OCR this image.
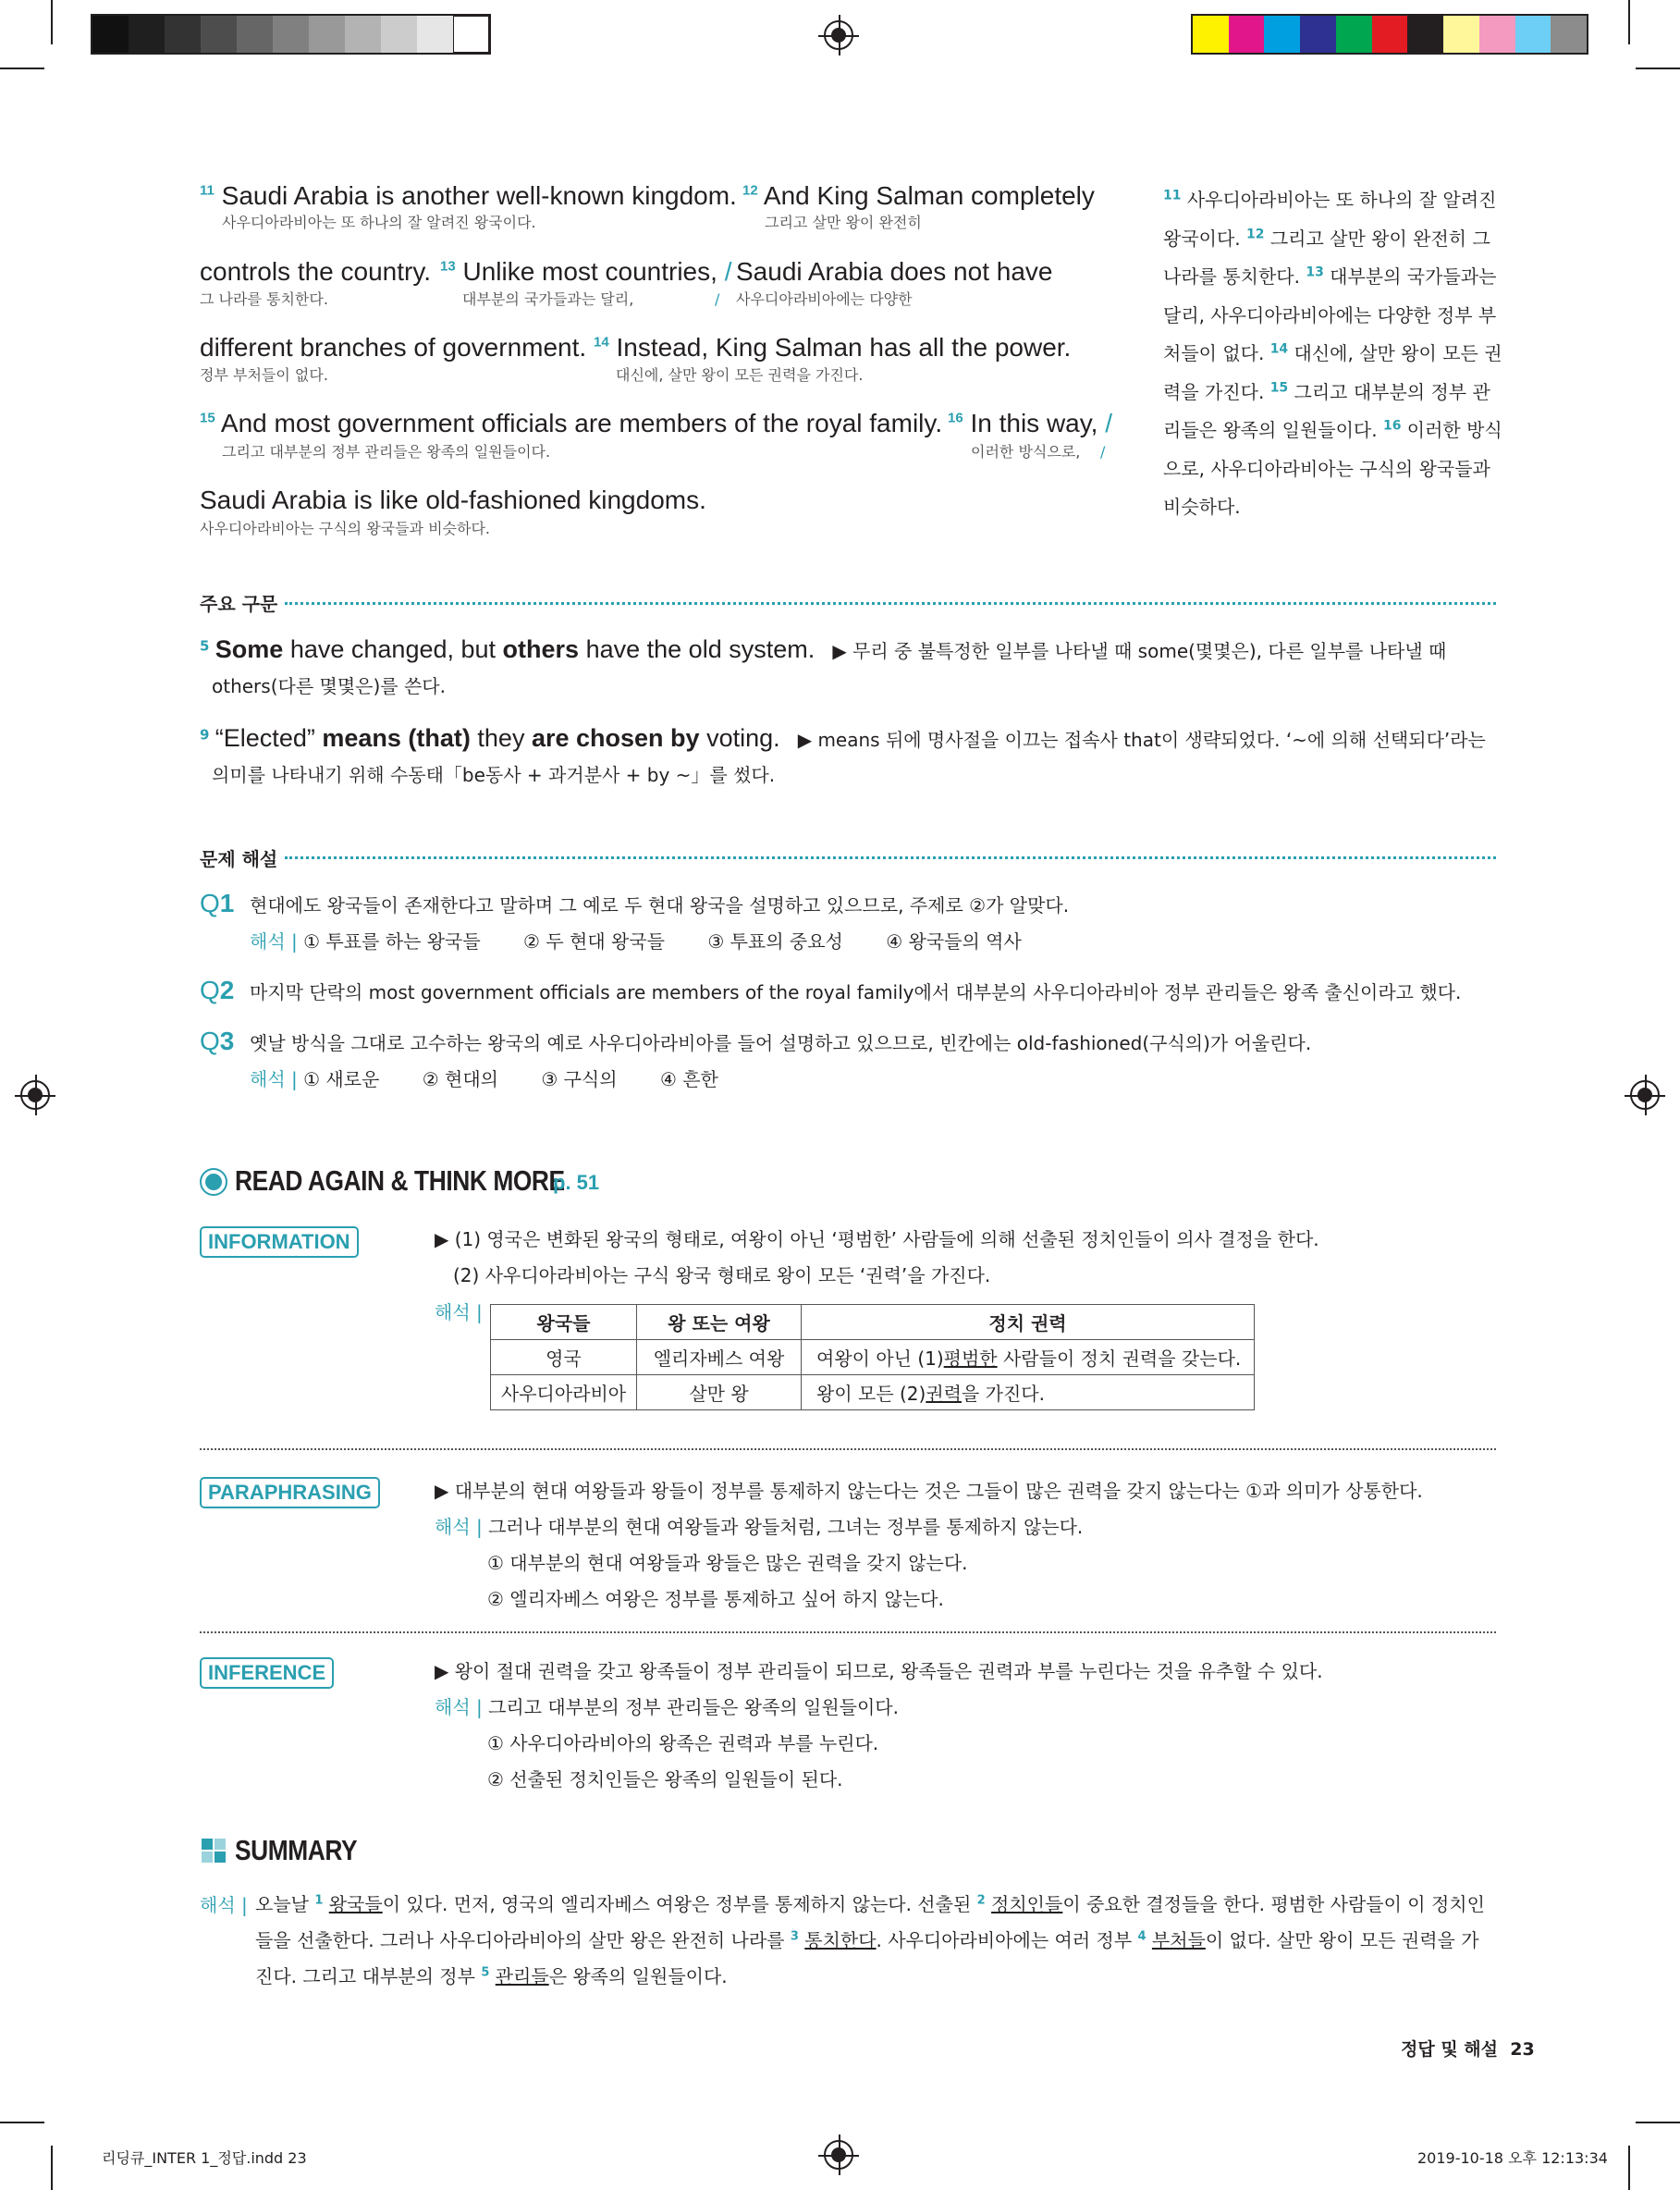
$^{11}$ Saudi Arabia is another well-known kingdom.
사우디아라비아는 또 하나의 잘 알려진 왕국이다.
$^{12}$ And King Salman completely
그리고 살만 왕이 완전히
controls the country.
그 나라를 통치한다.
$^{13}$ Unlike most countries, /
대부분의 국가들과는 달리,	/
Saudi Arabia does not have
사우디아라비아에는 다양한
different branches of government.
정부 부처들이 없다.
$^{14}$ Instead, King Salman has all the power.
대신에, 살만 왕이 모든 권력을 가진다.
$^{15}$ And most government officials are members of the royal family.
그리고 대부분의 정부 관리들은 왕족의 일원들이다.
$^{16}$ In this way, /
이러한 방식으로, /
Saudi Arabia is like old-fashioned kingdoms.
사우디아라비아는 구식의 왕국들과 비슷하다.
$^{11}$ 사우디아라비아는 또 하나의 잘 알려진 왕국이다. $^{12}$ 그리고 살만 왕이 완전히 그 나라를 통치한다. $^{13}$ 대부분의 국가들과는 달리, 사우디아라비아에는 다양한 정부 부처들이 없다. $^{14}$ 대신에, 살만 왕이 모든 권력을 가진다. $^{15}$ 그리고 대부분의 정부 관리들은 왕족의 일원들이다. $^{16}$ 이러한 방식으로, 사우디아라비아는 구식의 왕국들과 비슷하다.
주요 구문
$^5$ Some have changed, but others have the old system. ▶ 무리 중 불특정한 일부를 나타낼 때 some(몇몇은), 다른 일부를 나타낼 때
others(다른 몇몇은)를 쓴다.
$^9$ “Elected” means (that) they are chosen by voting. ▶ means 뒤에 명사절을 이끄는 접속사 that이 생략되었다. ‘~에 의해 선택되다’라는
의미를 나타내기 위해 수동태「be동사 + 과거분사 + by ~」를 썼다.
문제 해설
Q1 현대에도 왕국들이 존재한다고 말하며 그 예로 두 현대 왕국을 설명하고 있으므로, 주제로 ②가 알맞다.
해석 | ① 투표를 하는 왕국들 ② 두 현대 왕국들 ③ 투표의 중요성 ④ 왕국들의 역사
Q2 마지막 단락의 most government officials are members of the royal family에서 대부분의 사우디아라비아 정부 관리들은 왕족 출신이라고 했다.
Q3 옛날 방식을 그대로 고수하는 왕국의 예로 사우디아라비아를 들어 설명하고 있으므로, 빈칸에는 old-fashioned(구식의)가 어울린다.
해석 | ① 새로운 ② 현대의 ③ 구식의 ④ 흔한
READ AGAIN & THINK MORE
p. 51
INFORMATION	▶ (1) 영국은 변화된 왕국의 형태로, 여왕이 아닌 ‘평범한’ 사람들에 의해 선출된 정치인들이 의사 결정을 한다.
(2) 사우디아라비아는 구식 왕국 형태로 왕이 모든 ‘권력’을 가진다.
해석 |	왕국들	왕 또는 여왕	정치 권력
영국	엘리자베스 여왕	여왕이 아닌 (1)평범한 사람들이 정치 권력을 갖는다.
사우디아라비아	살만 왕	왕이 모든 (2)권력을 가진다.
PARAPHRASING	▶ 대부분의 현대 여왕들과 왕들이 정부를 통제하지 않는다는 것은 그들이 많은 권력을 갖지 않는다는 ①과 의미가 상통한다.
해석 | 그러나 대부분의 현대 여왕들과 왕들처럼, 그녀는 정부를 통제하지 않는다.
① 대부분의 현대 여왕들과 왕들은 많은 권력을 갖지 않는다.
② 엘리자베스 여왕은 정부를 통제하고 싶어 하지 않는다.
INFERENCE	▶ 왕이 절대 권력을 갖고 왕족들이 정부 관리들이 되므로, 왕족들은 권력과 부를 누린다는 것을 유추할 수 있다.
해석 | 그리고 대부분의 정부 관리들은 왕족의 일원들이다.
① 사우디아라비아의 왕족은 권력과 부를 누린다.
② 선출된 정치인들은 왕족의 일원들이 된다.
SUMMARY
해석 | 오늘날 $^1$ 왕국들이 있다. 먼저, 영국의 엘리자베스 여왕은 정부를 통제하지 않는다. 선출된 $^2$ 정치인들이 중요한 결정들을 한다. 평범한 사람들이 이 정치인들을 선출한다. 그러나 사우디아라비아의 살만 왕은 완전히 나라를 $^3$ 통치한다. 사우디아라비아에는 여러 정부 $^4$ 부처들이 없다. 살만 왕이 모든 권력을 가진다. 그리고 대부분의 정부 $^5$ 관리들은 왕족의 일원들이다.
정답 및 해설 23
리딩큐_INTER 1_정답.indd 23	2019-10-18 오후 12:13:34
